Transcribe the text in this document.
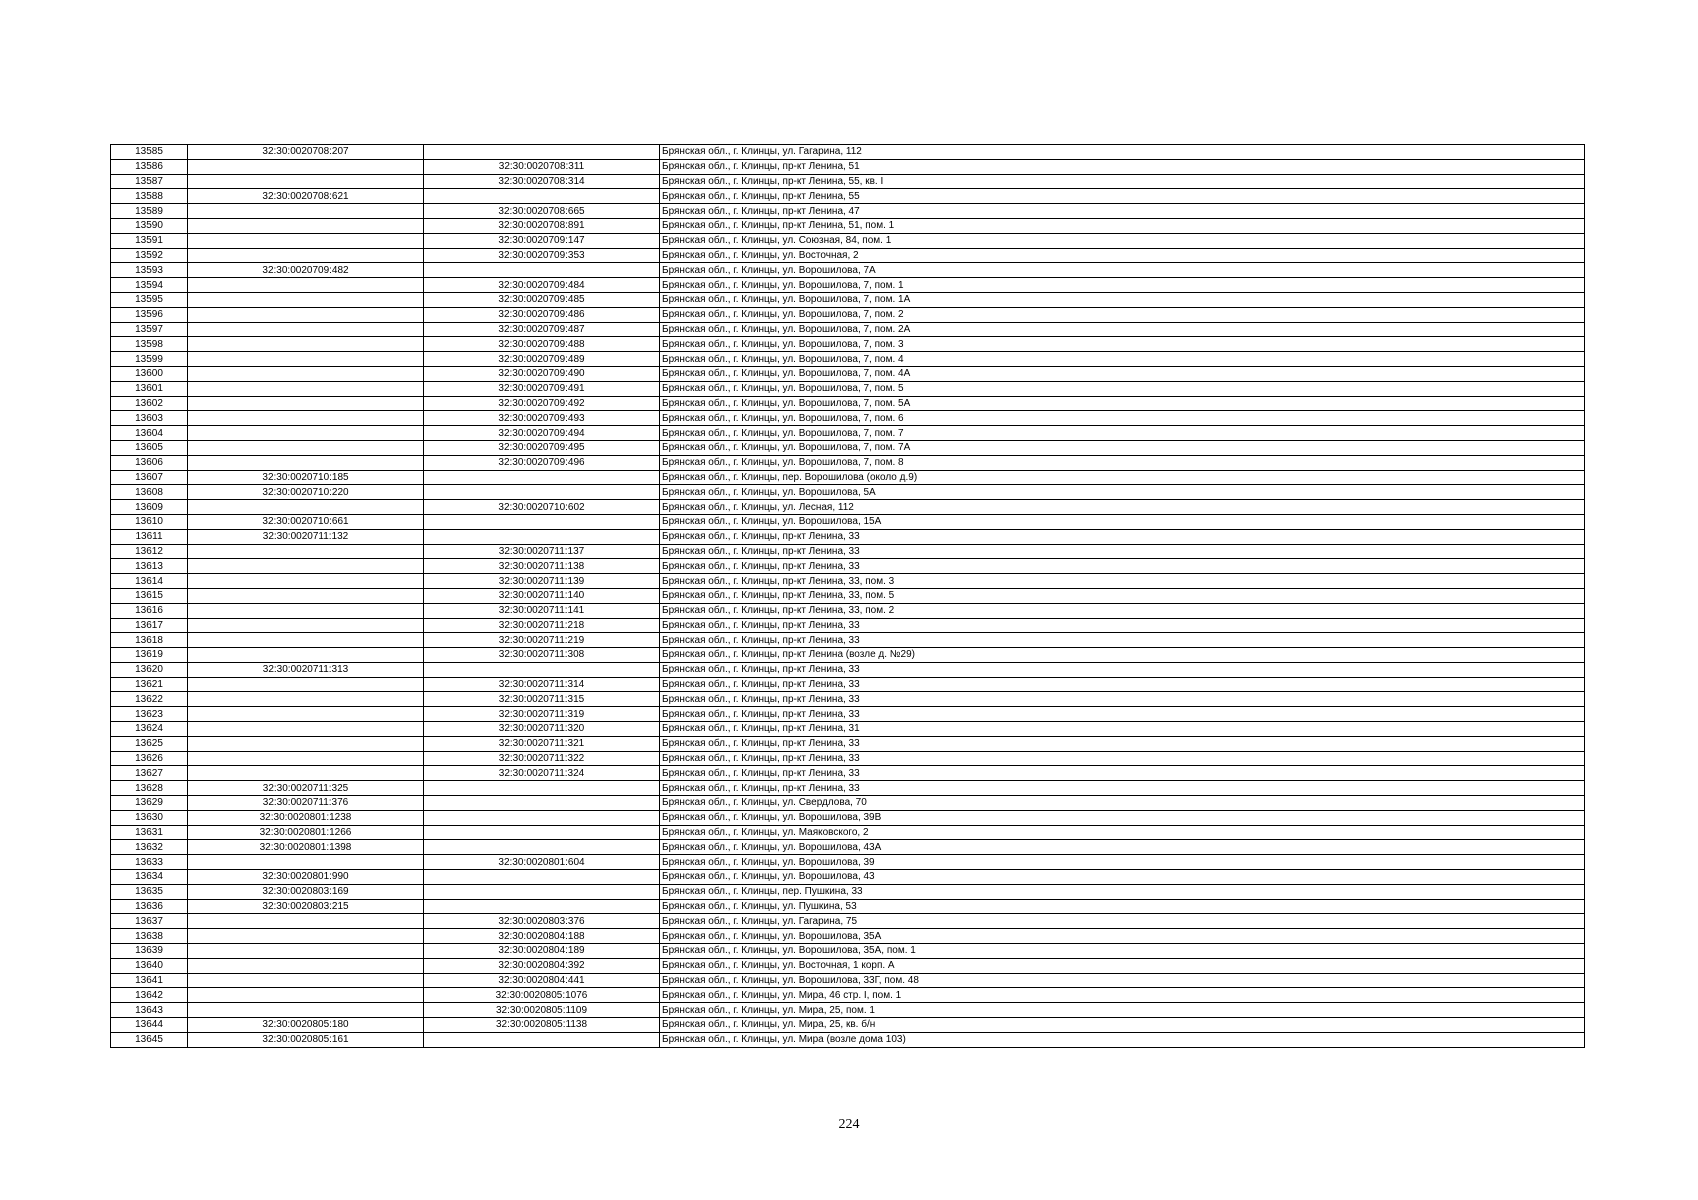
13585	32:30:0020708:207		Брянская обл., г. Клинцы, ул. Гагарина, 112
13586		32:30:0020708:311	Брянская обл., г. Клинцы, пр-кт Ленина, 51
13587		32:30:0020708:314	Брянская обл., г. Клинцы, пр-кт Ленина, 55, кв. I
13588	32:30:0020708:621		Брянская обл., г. Клинцы, пр-кт Ленина, 55
13589		32:30:0020708:665	Брянская обл., г. Клинцы, пр-кт Ленина, 47
13590		32:30:0020708:891	Брянская обл., г. Клинцы, пр-кт Ленина, 51, пом. 1
13591		32:30:0020709:147	Брянская обл., г. Клинцы, ул. Союзная, 84, пом. 1
13592		32:30:0020709:353	Брянская обл., г. Клинцы, ул. Восточная, 2
13593	32:30:0020709:482		Брянская обл., г. Клинцы, ул. Ворошилова, 7А
13594		32:30:0020709:484	Брянская обл., г. Клинцы, ул. Ворошилова, 7, пом. 1
13595		32:30:0020709:485	Брянская обл., г. Клинцы, ул. Ворошилова, 7, пом. 1А
13596		32:30:0020709:486	Брянская обл., г. Клинцы, ул. Ворошилова, 7, пом. 2
13597		32:30:0020709:487	Брянская обл., г. Клинцы, ул. Ворошилова, 7, пом. 2А
13598		32:30:0020709:488	Брянская обл., г. Клинцы, ул. Ворошилова, 7, пом. 3
13599		32:30:0020709:489	Брянская обл., г. Клинцы, ул. Ворошилова, 7, пом. 4
13600		32:30:0020709:490	Брянская обл., г. Клинцы, ул. Ворошилова, 7, пом. 4А
13601		32:30:0020709:491	Брянская обл., г. Клинцы, ул. Ворошилова, 7, пом. 5
13602		32:30:0020709:492	Брянская обл., г. Клинцы, ул. Ворошилова, 7, пом. 5А
13603		32:30:0020709:493	Брянская обл., г. Клинцы, ул. Ворошилова, 7, пом. 6
13604		32:30:0020709:494	Брянская обл., г. Клинцы, ул. Ворошилова, 7, пом. 7
13605		32:30:0020709:495	Брянская обл., г. Клинцы, ул. Ворошилова, 7, пом. 7А
13606		32:30:0020709:496	Брянская обл., г. Клинцы, ул. Ворошилова, 7, пом. 8
13607	32:30:0020710:185		Брянская обл., г. Клинцы, пер. Ворошилова (около д.9)
13608	32:30:0020710:220		Брянская обл., г. Клинцы, ул. Ворошилова, 5А
13609		32:30:0020710:602	Брянская обл., г. Клинцы, ул. Лесная, 112
13610	32:30:0020710:661		Брянская обл., г. Клинцы, ул. Ворошилова, 15А
13611	32:30:0020711:132		Брянская обл., г. Клинцы, пр-кт Ленина, 33
13612		32:30:0020711:137	Брянская обл., г. Клинцы, пр-кт Ленина, 33
13613		32:30:0020711:138	Брянская обл., г. Клинцы, пр-кт Ленина, 33
13614		32:30:0020711:139	Брянская обл., г. Клинцы, пр-кт Ленина, 33, пом. 3
13615		32:30:0020711:140	Брянская обл., г. Клинцы, пр-кт Ленина, 33, пом. 5
13616		32:30:0020711:141	Брянская обл., г. Клинцы, пр-кт Ленина, 33, пом. 2
13617		32:30:0020711:218	Брянская обл., г. Клинцы, пр-кт Ленина, 33
13618		32:30:0020711:219	Брянская обл., г. Клинцы, пр-кт Ленина, 33
13619		32:30:0020711:308	Брянская обл., г. Клинцы, пр-кт Ленина (возле д. №29)
13620	32:30:0020711:313		Брянская обл., г. Клинцы, пр-кт Ленина, 33
13621		32:30:0020711:314	Брянская обл., г. Клинцы, пр-кт Ленина, 33
13622		32:30:0020711:315	Брянская обл., г. Клинцы, пр-кт Ленина, 33
13623		32:30:0020711:319	Брянская обл., г. Клинцы, пр-кт Ленина, 33
13624		32:30:0020711:320	Брянская обл., г. Клинцы, пр-кт Ленина, 31
13625		32:30:0020711:321	Брянская обл., г. Клинцы, пр-кт Ленина, 33
13626		32:30:0020711:322	Брянская обл., г. Клинцы, пр-кт Ленина, 33
13627		32:30:0020711:324	Брянская обл., г. Клинцы, пр-кт Ленина, 33
13628	32:30:0020711:325		Брянская обл., г. Клинцы, пр-кт Ленина, 33
13629	32:30:0020711:376		Брянская обл., г. Клинцы, ул. Свердлова, 70
13630	32:30:0020801:1238		Брянская обл., г. Клинцы, ул. Ворошилова, 39В
13631	32:30:0020801:1266		Брянская обл., г. Клинцы, ул. Маяковского, 2
13632	32:30:0020801:1398		Брянская обл., г. Клинцы, ул. Ворошилова, 43А
13633		32:30:0020801:604	Брянская обл., г. Клинцы, ул. Ворошилова, 39
13634	32:30:0020801:990		Брянская обл., г. Клинцы, ул. Ворошилова, 43
13635	32:30:0020803:169		Брянская обл., г. Клинцы, пер. Пушкина, 33
13636	32:30:0020803:215		Брянская обл., г. Клинцы, ул. Пушкина, 53
13637		32:30:0020803:376	Брянская обл., г. Клинцы, ул. Гагарина, 75
13638		32:30:0020804:188	Брянская обл., г. Клинцы, ул. Ворошилова, 35А
13639		32:30:0020804:189	Брянская обл., г. Клинцы, ул. Ворошилова, 35А, пом. 1
13640		32:30:0020804:392	Брянская обл., г. Клинцы, ул. Восточная, 1 корп. А
13641		32:30:0020804:441	Брянская обл., г. Клинцы, ул. Ворошилова, 33Г, пом. 48
13642		32:30:0020805:1076	Брянская обл., г. Клинцы, ул. Мира, 46 стр. I, пом. 1
13643		32:30:0020805:1109	Брянская обл., г. Клинцы, ул. Мира, 25, пом. 1
13644	32:30:0020805:180	32:30:0020805:1138	Брянская обл., г. Клинцы, ул. Мира, 25, кв. б/н
13645	32:30:0020805:161		Брянская обл., г. Клинцы, ул. Мира (возле дома 103)
224
